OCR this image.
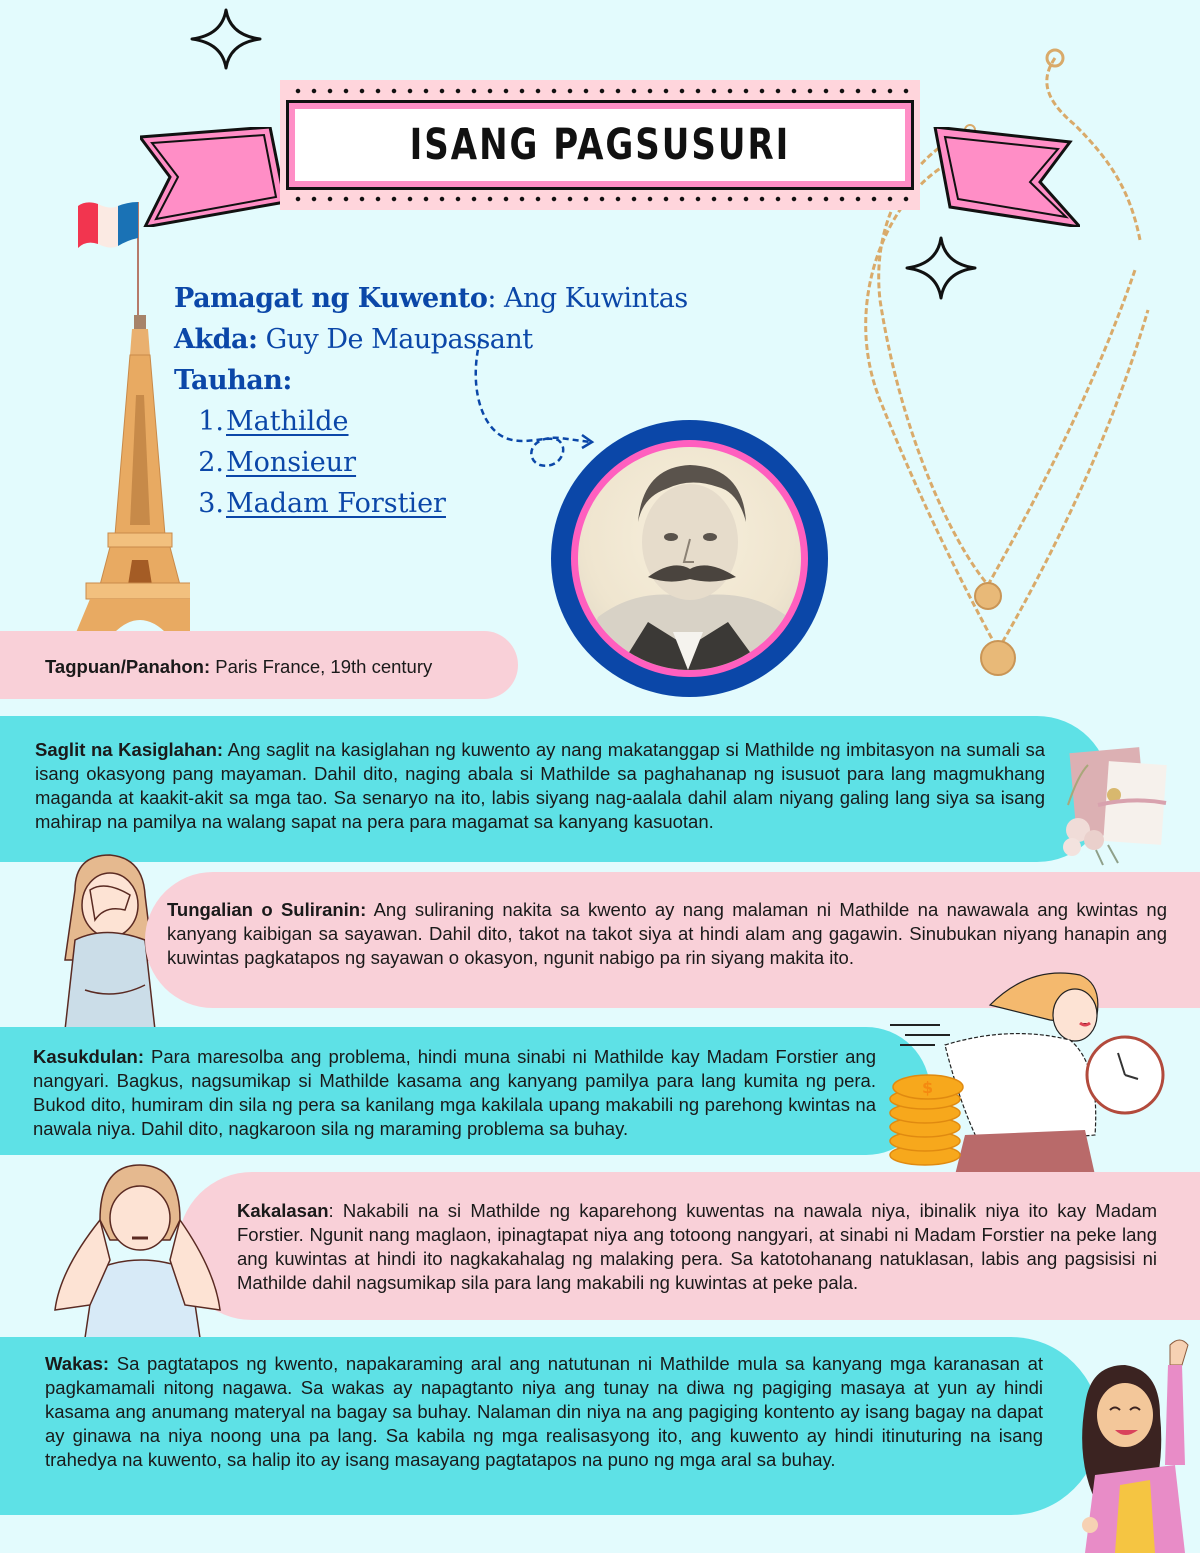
ISANG PAGSUSURI
Pamagat ng Kuwento: Ang Kuwintas
Akda: Guy De Maupassant
Tauhan:
1.Mathilde
2.Monsieur
3.Madam Forstier
Tagpuan/Panahon: Paris France, 19th century

Saglit na Kasiglahan: Ang saglit na kasiglahan ng kuwento ay nang makatanggap si Mathilde ng imbitasyon na sumali sa isang okasyong pang mayaman. Dahil dito, naging abala si Mathilde sa paghahanap ng isusuot para lang magmukhang maganda at kaakit-akit sa mga tao. Sa senaryo na ito, labis siyang nag-aalala dahil alam niyang galing lang siya sa isang mahirap na pamilya na walang sapat na pera para magamat sa kanyang kasuotan.

Tungalian o Suliranin: Ang suliraning nakita sa kwento ay nang malaman ni Mathilde na nawawala ang kwintas ng kanyang kaibigan sa sayawan. Dahil dito, takot na takot siya at hindi alam ang gagawin. Sinubukan niyang hanapin ang kuwintas pagkatapos ng sayawan o okasyon, ngunit nabigo pa rin siyang makita ito.

Kasukdulan: Para maresolba ang problema, hindi muna sinabi ni Mathilde kay Madam Forstier ang nangyari. Bagkus, nagsumikap si Mathilde kasama ang kanyang pamilya para lang kumita ng pera. Bukod dito, humiram din sila ng pera sa kanilang mga kakilala upang makabili ng parehong kwintas na nawala niya. Dahil dito, nagkaroon sila ng maraming problema sa buhay.

$

Kakalasan: Nakabili na si Mathilde ng kaparehong kuwentas na nawala niya, ibinalik niya ito kay Madam Forstier. Ngunit nang maglaon, ipinagtapat niya ang totoong nangyari, at sinabi ni Madam Forstier na peke lang ang kuwintas at hindi ito nagkakahalag ng malaking pera. Sa katotohanang natuklasan, labis ang pagsisisi ni Mathilde dahil nagsumikap sila para lang makabili ng kuwintas at peke pala.

Wakas: Sa pagtatapos ng kwento, napakaraming aral ang natutunan ni Mathilde mula sa kanyang mga karanasan at pagkamamali nitong nagawa. Sa wakas ay napagtanto niya ang tunay na diwa ng pagiging masaya at yun ay hindi kasama ang anumang materyal na bagay sa buhay. Nalaman din niya na ang pagiging kontento ay isang bagay na dapat ay ginawa na niya noong una pa lang. Sa kabila ng mga realisasyong ito, ang kuwento ay hindi itinuturing na isang trahedya na kuwento, sa halip ito ay isang masayang pagtatapos na puno ng mga aral sa buhay.
